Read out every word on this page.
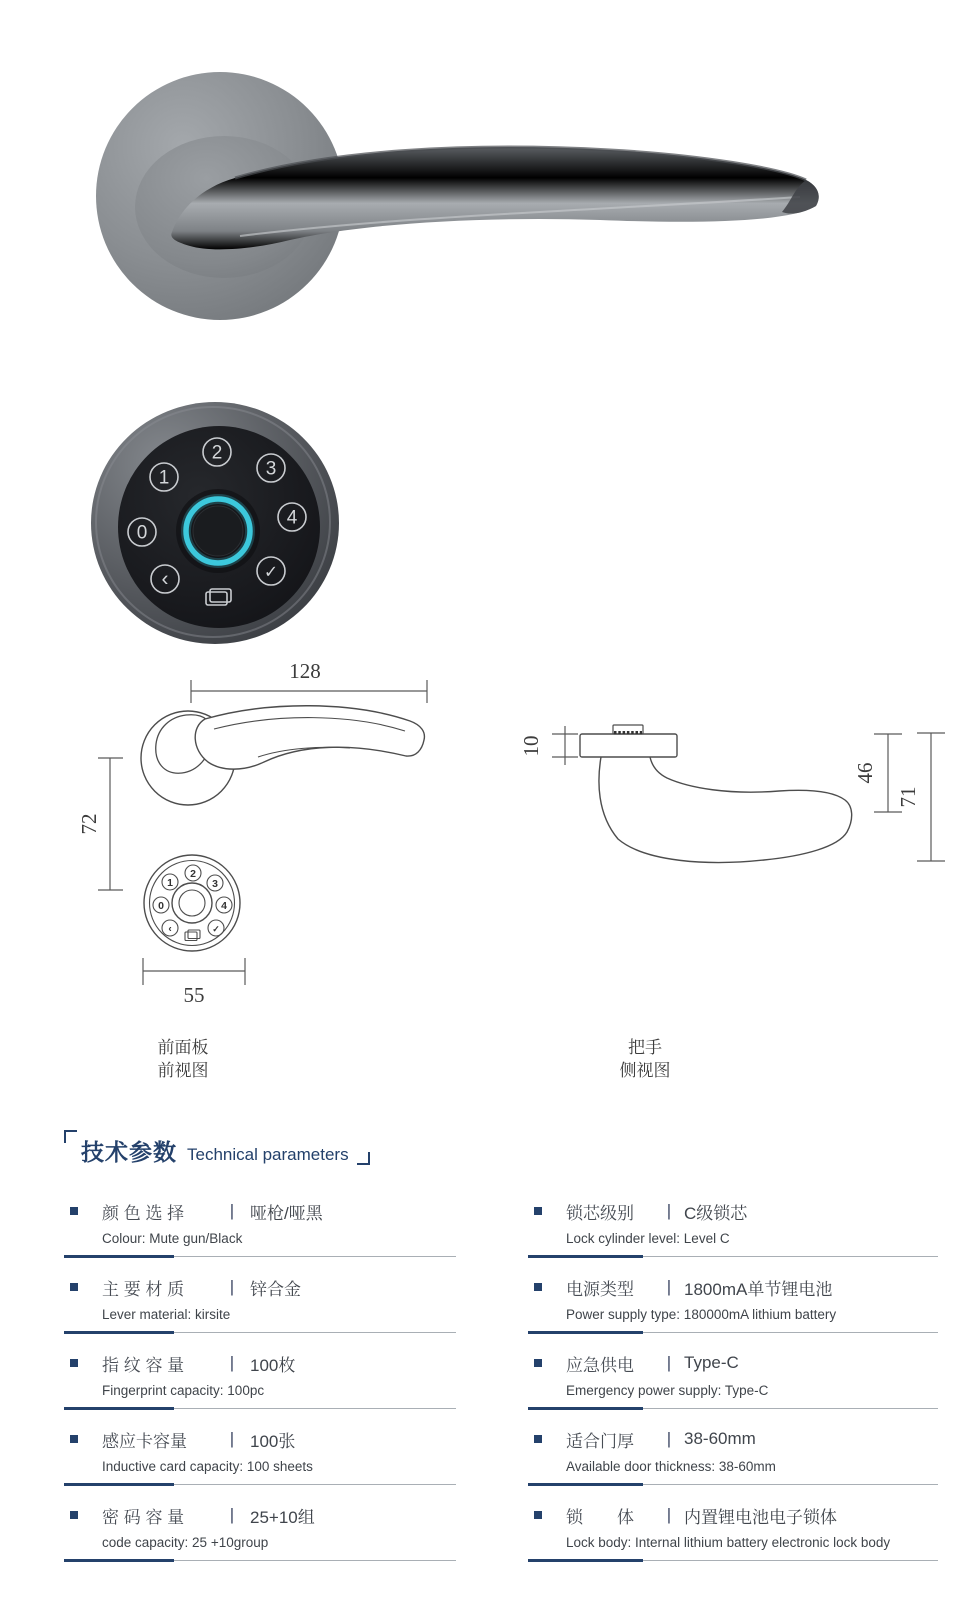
1
2
3
0
4
‹	✓
128
72
1
2
3
0	4
‹	✓
55
10
46
71
前面板
前视图
把手
侧视图
技术参数 Technical parameters
颜 色 选 择	| 哑枪/哑黑
Colour: Mute gun/Black
主 要 材 质	| 锌合金
Lever material: kirsite
指 纹 容 量	| 100枚
Fingerprint capacity: 100pc
感应卡容量	| 100张
Inductive card capacity: 100 sheets
密 码 容 量	| 25+10组
code capacity: 25 +10group
锁芯级别	| C级锁芯
Lock cylinder level: Level C
电源类型	| 1800mA单节锂电池
Power supply type: 180000mA lithium battery
应急供电	| Type-C
Emergency power supply: Type-C
适合门厚	| 38-60mm
Available door thickness: 38-60mm
锁　　体	| 内置锂电池电子锁体
Lock body: Internal lithium battery electronic lock body
